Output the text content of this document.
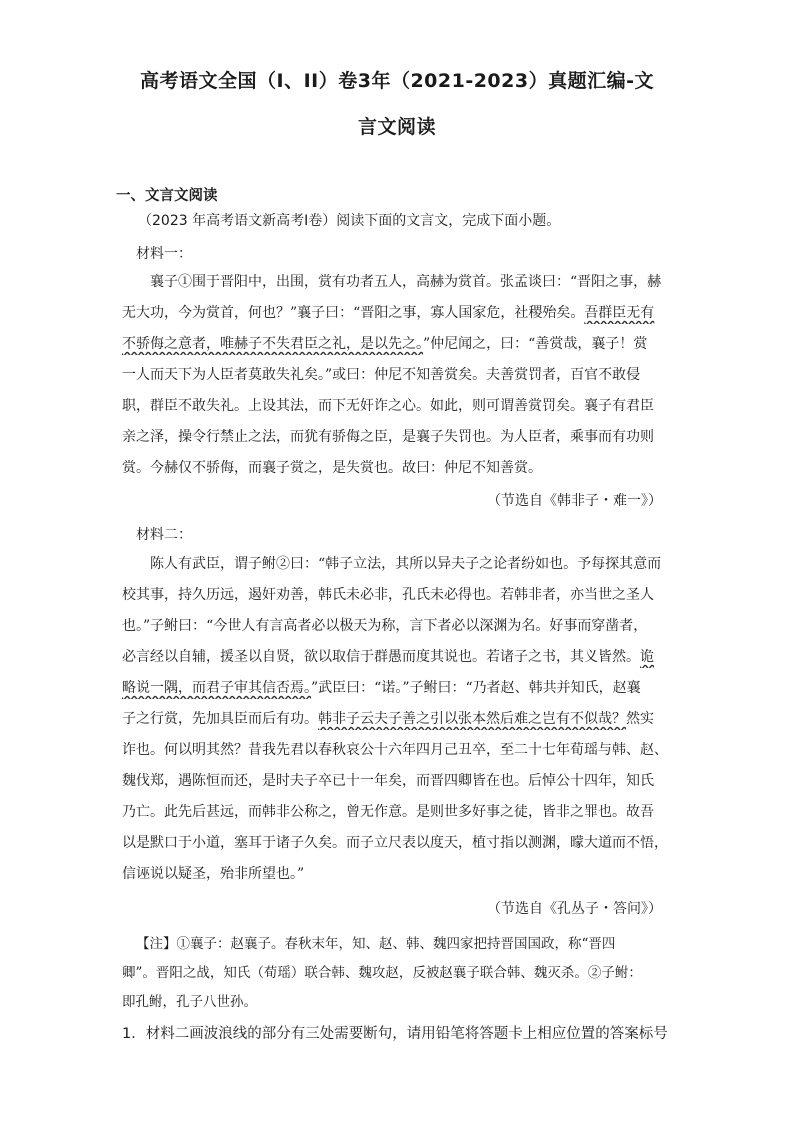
高考语文全国（I、II）卷3年（2021-2023）真题汇编-文
言文阅读
一、文言文阅读
（2023 年高考语文新高考Ⅰ卷）阅读下面的文言文，完成下面小题。
材料一：
襄子①围于晋阳中，出围，赏有功者五人，高赫为赏首。张孟谈曰：“晋阳之事，赫
无大功，今为赏首，何也？”襄子曰：“晋阳之事，寡人国家危，社稷殆矣。吾群臣无有
不骄侮之意者，唯赫子不失君臣之礼，是以先之。”仲尼闻之，曰：“善赏哉，襄子！赏
一人而天下为人臣者莫敢失礼矣。”或曰：仲尼不知善赏矣。夫善赏罚者，百官不敢侵
职，群臣不敢失礼。上设其法，而下无奸诈之心。如此，则可谓善赏罚矣。襄子有君臣
亲之泽，操令行禁止之法，而犹有骄侮之臣，是襄子失罚也。为人臣者，乘事而有功则
赏。今赫仅不骄侮，而襄子赏之，是失赏也。故曰：仲尼不知善赏。
（节选自《韩非子・难一》）
材料二：
陈人有武臣，谓子鲋②曰：“韩子立法，其所以异夫子之论者纷如也。予每探其意而
校其事，持久历远，遏奸劝善，韩氏未必非，孔氏未必得也。若韩非者，亦当世之圣人
也。”子鲋曰：“今世人有言高者必以极天为称，言下者必以深渊为名。好事而穿凿者，
必言经以自辅，援圣以自贤，欲以取信于群愚而度其说也。若诸子之书，其义皆然。诡
略说一隅，而君子审其信否焉。”武臣曰：“诺。”子鲋曰：“乃者赵、韩共并知氏，赵襄
子之行赏，先加具臣而后有功。韩非子云夫子善之引以张本然后难之岂有不似哉？然实
诈也。何以明其然？昔我先君以春秋哀公十六年四月己丑卒，至二十七年荀瑶与韩、赵、
魏伐郑，遇陈恒而还，是时夫子卒已十一年矣，而晋四卿皆在也。后悼公十四年，知氏
乃亡。此先后甚远，而韩非公称之，曾无作意。是则世多好事之徒，皆非之罪也。故吾
以是默口于小道，塞耳于诸子久矣。而子立尺表以度天，植寸指以测渊，曚大道而不悟，
信诬说以疑圣，殆非所望也。”
（节选自《孔丛子・答问》）
【注】①襄子：赵襄子。春秋末年，知、赵、韩、魏四家把持晋国国政，称“晋四
卿”。晋阳之战，知氏（荀瑶）联合韩、魏攻赵，反被赵襄子联合韩、魏灭杀。②子鲋：
即孔鲋，孔子八世孙。
1．材料二画波浪线的部分有三处需要断句，请用铅笔将答题卡上相应位置的答案标号
